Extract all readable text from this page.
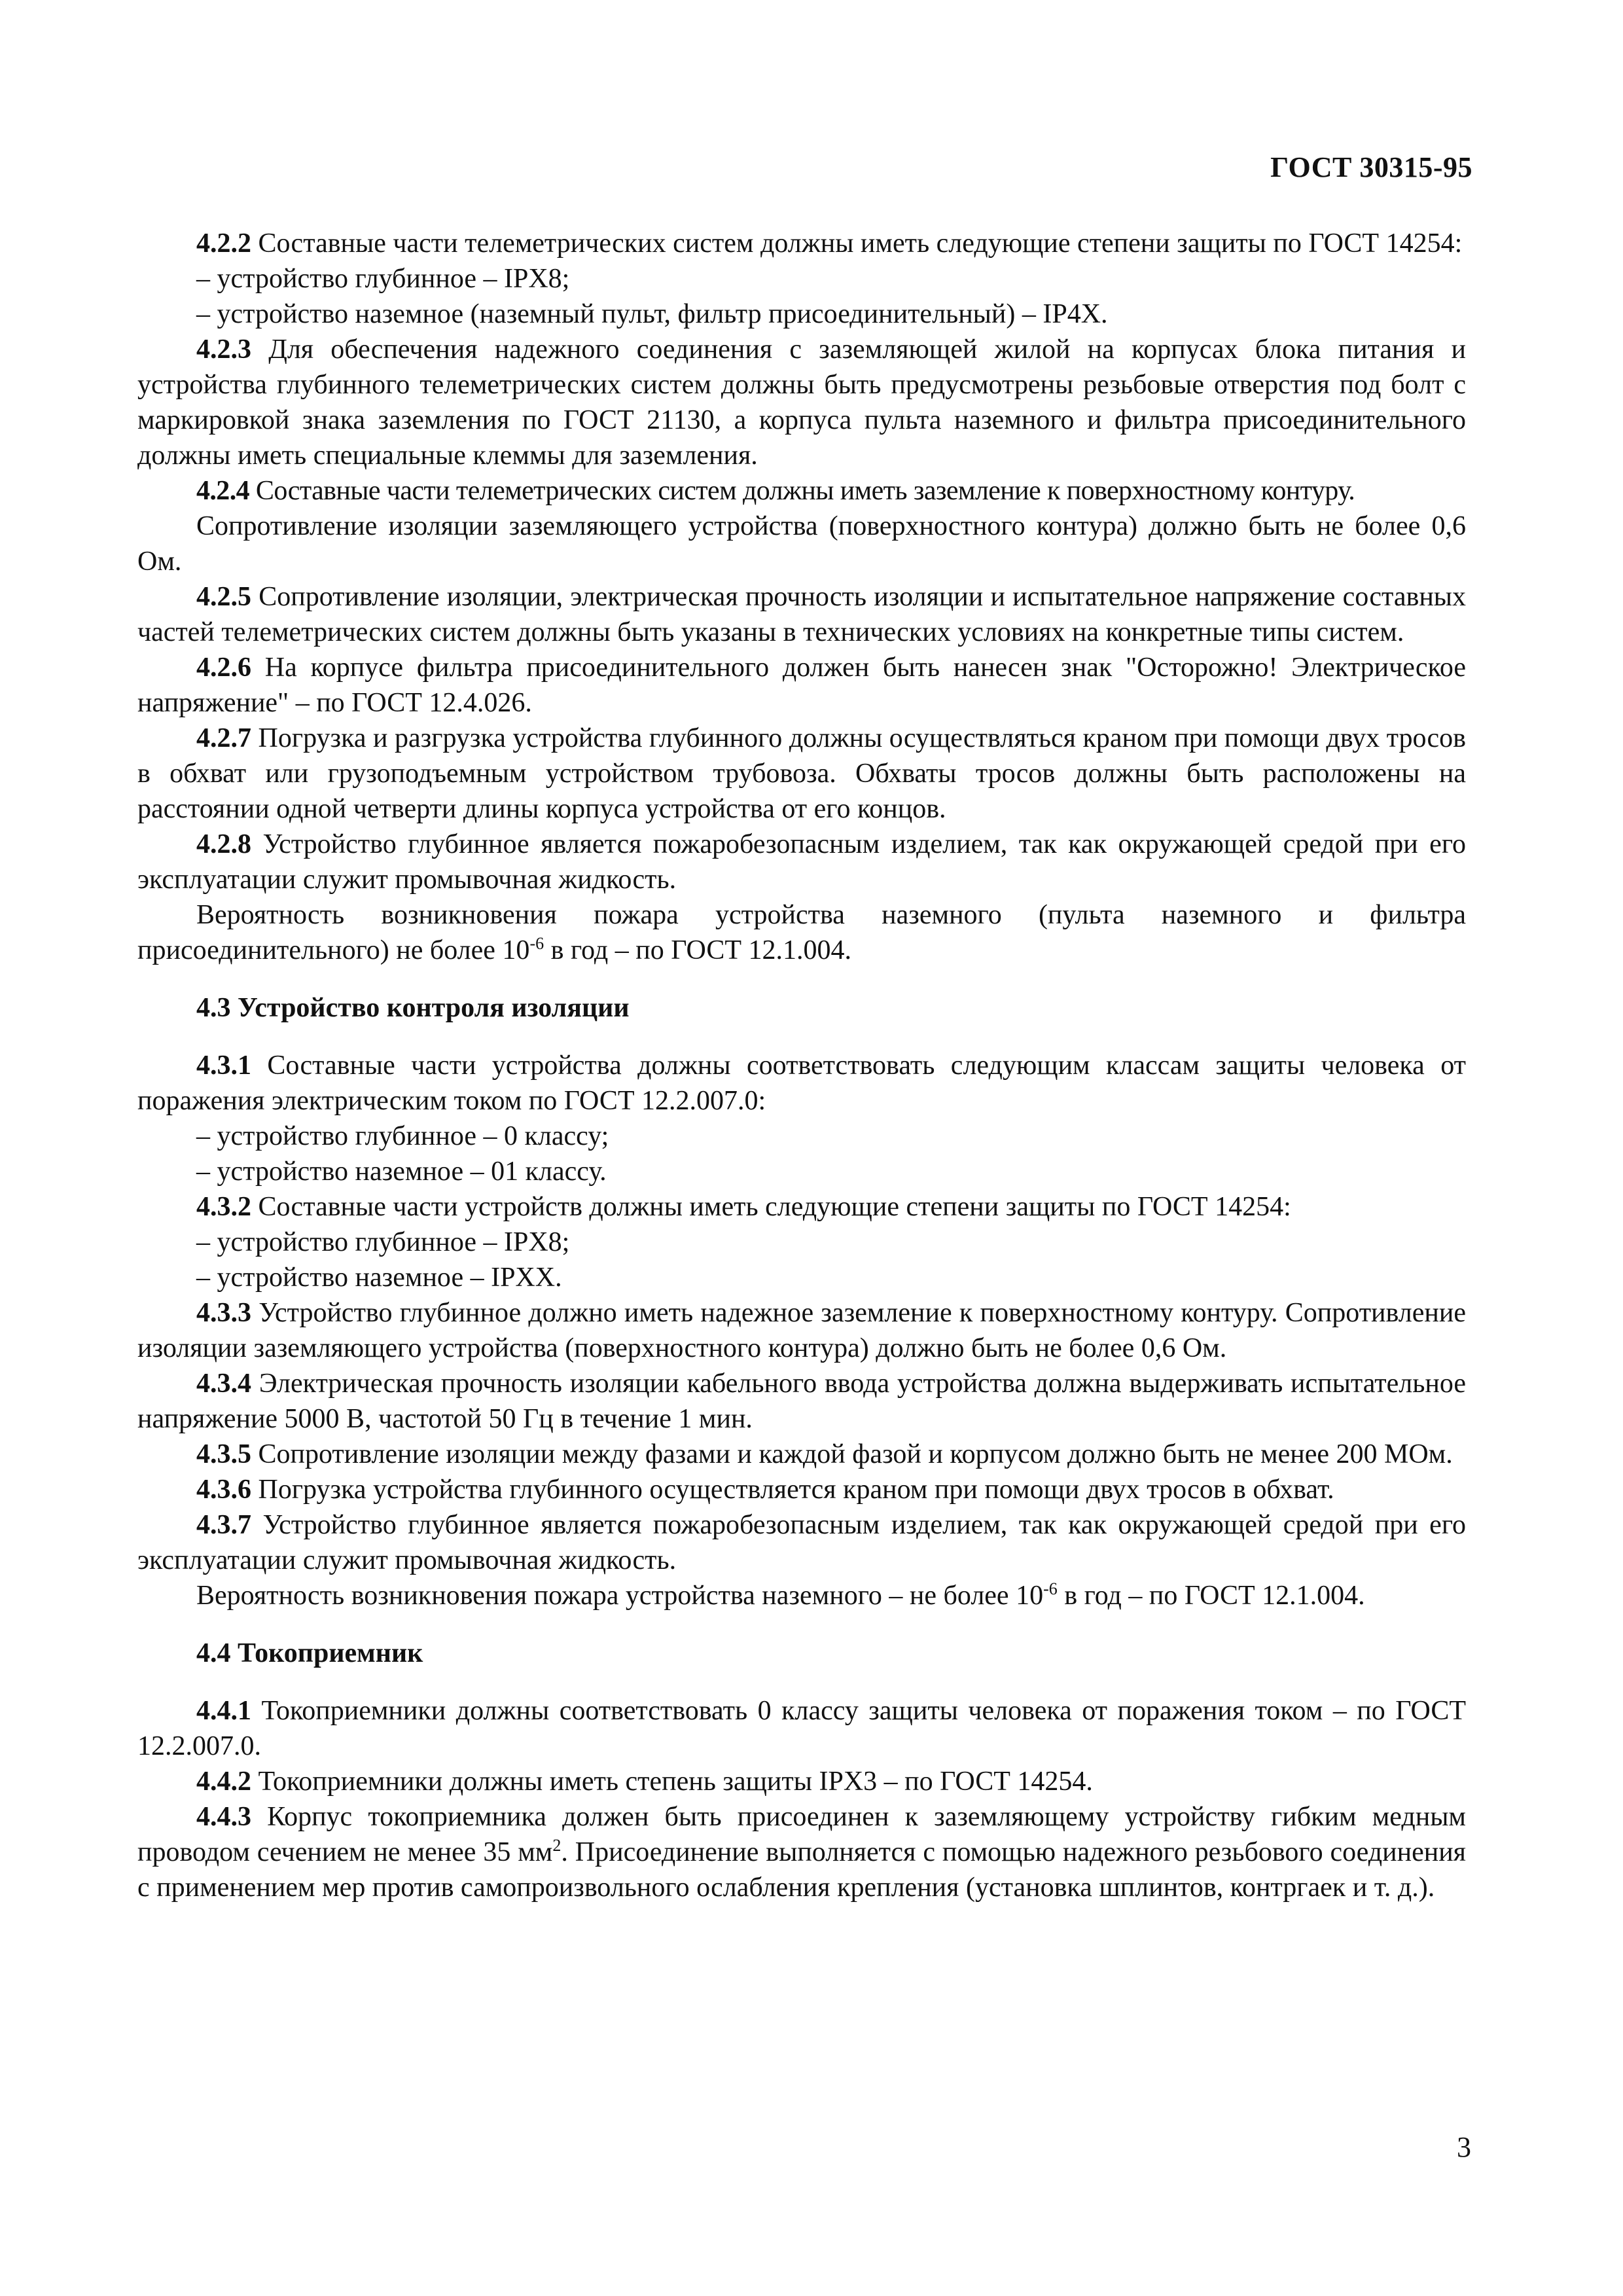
ГОСТ 30315-95

4.2.2 Составные части телеметрических систем должны иметь следующие степени защиты по ГОСТ 14254:

– устройство глубинное – IPX8;

– устройство наземное (наземный пульт, фильтр присоединительный) – IP4X.

4.2.3 Для обеспечения надежного соединения с заземляющей жилой на корпусах блока питания и устройства глубинного телеметрических систем должны быть предусмотрены резьбовые отверстия под болт с маркировкой знака заземления по ГОСТ 21130, а корпуса пульта наземного и фильтра присоединительного должны иметь специальные клеммы для заземления.

4.2.4 Составные части телеметрических систем должны иметь заземление к поверхностному контуру.

Сопротивление изоляции заземляющего устройства (поверхностного контура) должно быть не более 0,6 Ом.

4.2.5 Сопротивление изоляции, электрическая прочность изоляции и испытательное напряжение составных частей телеметрических систем должны быть указаны в технических условиях на конкретные типы систем.

4.2.6 На корпусе фильтра присоединительного должен быть нанесен знак "Осторожно! Электрическое напряжение" – по ГОСТ 12.4.026.

4.2.7 Погрузка и разгрузка устройства глубинного должны осуществляться краном при помощи двух тросов в обхват или грузоподъемным устройством трубовоза. Обхваты тросов должны быть расположены на расстоянии одной четверти длины корпуса устройства от его концов.

4.2.8 Устройство глубинное является пожаробезопасным изделием, так как окружающей средой при его эксплуатации служит промывочная жидкость.

Вероятность возникновения пожара устройства наземного (пульта наземного и фильтра присоединительного) не более $10^{-6}$ в год – по ГОСТ 12.1.004.

4.3 Устройство контроля изоляции

4.3.1 Составные части устройства должны соответствовать следующим классам защиты человека от поражения электрическим током по ГОСТ 12.2.007.0:

– устройство глубинное – 0 классу;

– устройство наземное – 01 классу.

4.3.2 Составные части устройств должны иметь следующие степени защиты по ГОСТ 14254:

– устройство глубинное – IPX8;

– устройство наземное – IPXX.

4.3.3 Устройство глубинное должно иметь надежное заземление к поверхностному контуру. Сопротивление изоляции заземляющего устройства (поверхностного контура) должно быть не более 0,6 Ом.

4.3.4 Электрическая прочность изоляции кабельного ввода устройства должна выдерживать испытательное напряжение 5000 В, частотой 50 Гц в течение 1 мин.

4.3.5 Сопротивление изоляции между фазами и каждой фазой и корпусом должно быть не менее 200 МОм.

4.3.6 Погрузка устройства глубинного осуществляется краном при помощи двух тросов в обхват.

4.3.7 Устройство глубинное является пожаробезопасным изделием, так как окружающей средой при его эксплуатации служит промывочная жидкость.

Вероятность возникновения пожара устройства наземного – не более $10^{-6}$ в год – по ГОСТ 12.1.004.

4.4 Токоприемник

4.4.1 Токоприемники должны соответствовать 0 классу защиты человека от поражения током – по ГОСТ 12.2.007.0.

4.4.2 Токоприемники должны иметь степень защиты IPX3 – по ГОСТ 14254.

4.4.3 Корпус токоприемника должен быть присоединен к заземляющему устройству гибким медным проводом сечением не менее 35 $мм^2$. Присоединение выполняется с помощью надежного резьбового соединения с применением мер против самопроизвольного ослабления крепления (установка шплинтов, контргаек и т. д.).

3
